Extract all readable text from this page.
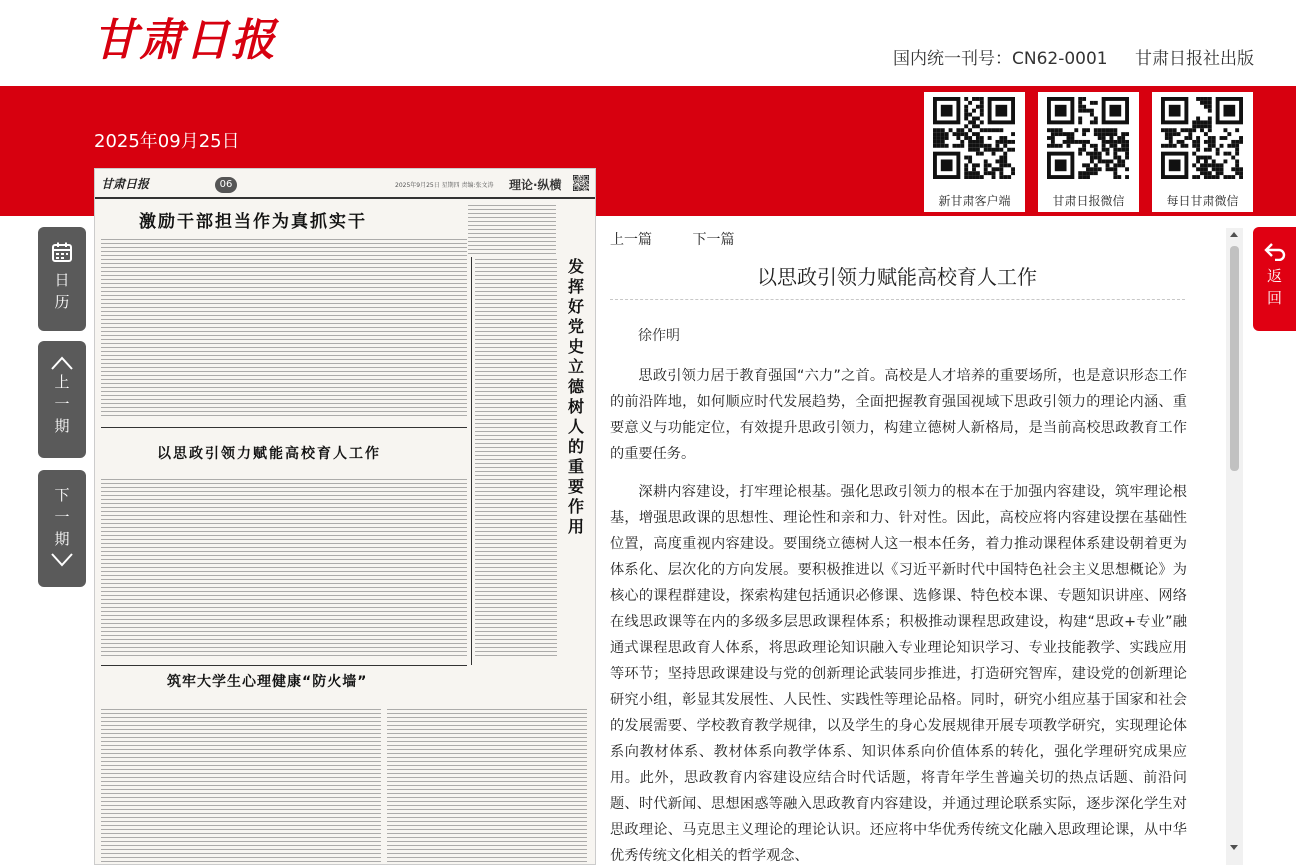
甘肃日报	国内统一刊号：CN62-0001 甘肃日报社出版
2025年09月25日
新甘肃客户端	甘肃日报微信	每日甘肃微信
日
历
上
一
期
下
一
期
返
回
甘肃日报	06	2025年9月25日 星期四 责编:张文涛 理论·纵横
激励干部担当作为真抓实干
以思政引领力赋能高校育人工作
筑牢大学生心理健康“防火墙”
发挥好党史立德树人的重要作用
上一篇	下一篇
以思政引领力赋能高校育人工作
徐作明

思政引领力居于教育强国“六力”之首。高校是人才培养的重要场所，也是意识形态工作的前沿阵地，如何顺应时代发展趋势，全面把握教育强国视域下思政引领力的理论内涵、重要意义与功能定位，有效提升思政引领力，构建立德树人新格局，是当前高校思政教育工作的重要任务。

深耕内容建设，打牢理论根基。强化思政引领力的根本在于加强内容建设，筑牢理论根基，增强思政课的思想性、理论性和亲和力、针对性。因此，高校应将内容建设摆在基础性位置，高度重视内容建设。要围绕立德树人这一根本任务，着力推动课程体系建设朝着更为体系化、层次化的方向发展。要积极推进以《习近平新时代中国特色社会主义思想概论》为核心的课程群建设，探索构建包括通识必修课、选修课、特色校本课、专题知识讲座、网络在线思政课等在内的多级多层思政课程体系；积极推动课程思政建设，构建“思政+专业”融通式课程思政育人体系，将思政理论知识融入专业理论知识学习、专业技能教学、实践应用等环节；坚持思政课建设与党的创新理论武装同步推进，打造研究智库，建设党的创新理论研究小组，彰显其发展性、人民性、实践性等理论品格。同时，研究小组应基于国家和社会的发展需要、学校教育教学规律，以及学生的身心发展规律开展专项教学研究，实现理论体系向教材体系、教材体系向教学体系、知识体系向价值体系的转化，强化学理研究成果应用。此外，思政教育内容建设应结合时代话题，将青年学生普遍关切的热点话题、前沿问题、时代新闻、思想困惑等融入思政教育内容建设，并通过理论联系实际，逐步深化学生对思政理论、马克思主义理论的理论认识。还应将中华优秀传统文化融入思政理论课，从中华优秀传统文化相关的哲学观念、
